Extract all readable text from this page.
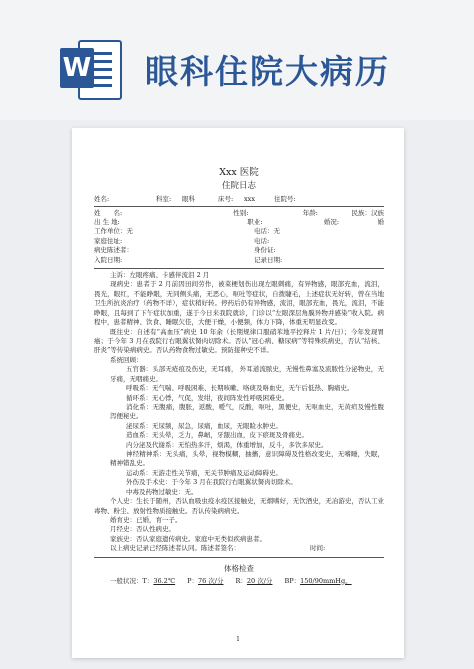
W 眼科住院大病历
Xxx 医院
住院日志
姓名:	科室:	眼科	床号:	xxx	住院号:
姓　　名:	性别:	年龄:	民族：汉族
出 生 地:	职业:	婚况:	婚
工作单位：无	电话：无
家庭住址:	电话:
病史陈述者：	身份证:
入院日期:	记录日期:
主诉：左眼疼痛、卡感伴流泪 2 月
现病史：患者于 2 月前因田间劳作，被菜梗划伤出现左眼刺痛，有异物感，眼部充血，流泪，畏光，眼红，不能睁眼，无同侧头痛，无恶心，呕吐等症状，自拨睫毛，上述症状无好转，曾在当地卫生所抗炎治疗（药物不详），症状稍好转。停药后仍有异物感，流泪，眼部充血，畏光，流泪，不能睁眼，且每到了下午症状加重，遂于今日来我院就诊，门诊以“左眼深层角膜异物并感染”收入院。病程中，患者精神、饮食、睡眠欠佳，大便干燥，小便频，体力下降，体重无明显改变。
既往史：自述有“高血压”病史 10 年余（长期规律口服硝苯地平控释片 1 片/日）；今年发现胃癌；于今年 3 月在我院行右眼翼状胬肉切除术。否认“冠心病、糖尿病”等特殊疾病史，否认“结核、肝炎”等传染病病史。否认药物食物过敏史。预防接种史不详。
系统回顾：
五官器：头部无疮痕及伤史，无耳痛， 外耳道流脓史，无慢性鼻塞及流脓性分泌物史，无牙痛，无咽痛史。
呼吸系：无气喘、呼吸困难、长期咳嗽、咯痰及咯血史，无午后低热、胸痛史。
循环系：无心悸，气促，发绀，夜间阵发性呼吸困难史。
消化系：无腹痛，腹胀，返酸，嗳气，反酸，呕吐，黑便史，无呕血史，无黄疸及慢性腹泻便秘史。
泌尿系：无尿频，尿急，尿痛，血尿，无眼睑水肿史。
造血系：无头晕，乏力，鼻衄，牙龈出血，皮下瘀斑及骨痛史。
内分泌及代谢系：无怕热多汗，烦渴，体重增加，反斗，多饮多尿史。
神经精神系：无头痛，头晕，视物模糊，抽搐，意识障碍及性格改变史，无嗜睡，失眠，精神错乱史。
运动系：无游走性关节痛，无关节肿痛及运动障碍史。
外伤及手术史：于今年 3 月在我院行右眼翼状胬肉切除术。
中毒及药物过敏史：无。
个人史：生长于随州，否认血吸虫疫水疫区接触史，无烟嗜好，无饮酒史，无冶游史，否认工业毒物、粉尘、放射性物质接触史。否认传染病病史。
婚育史：已婚，育一子。
月经史：否认性病史。
家族史：否认家庭遗传病史。家庭中无类似疾病患者。
以上病史记录已经陈述者认同。陈述者签名：	时间:
体格检查
一般状况：T：36.2℃ P：76 次/分 R：20 次/分 BP：150/90mmHg。
1
